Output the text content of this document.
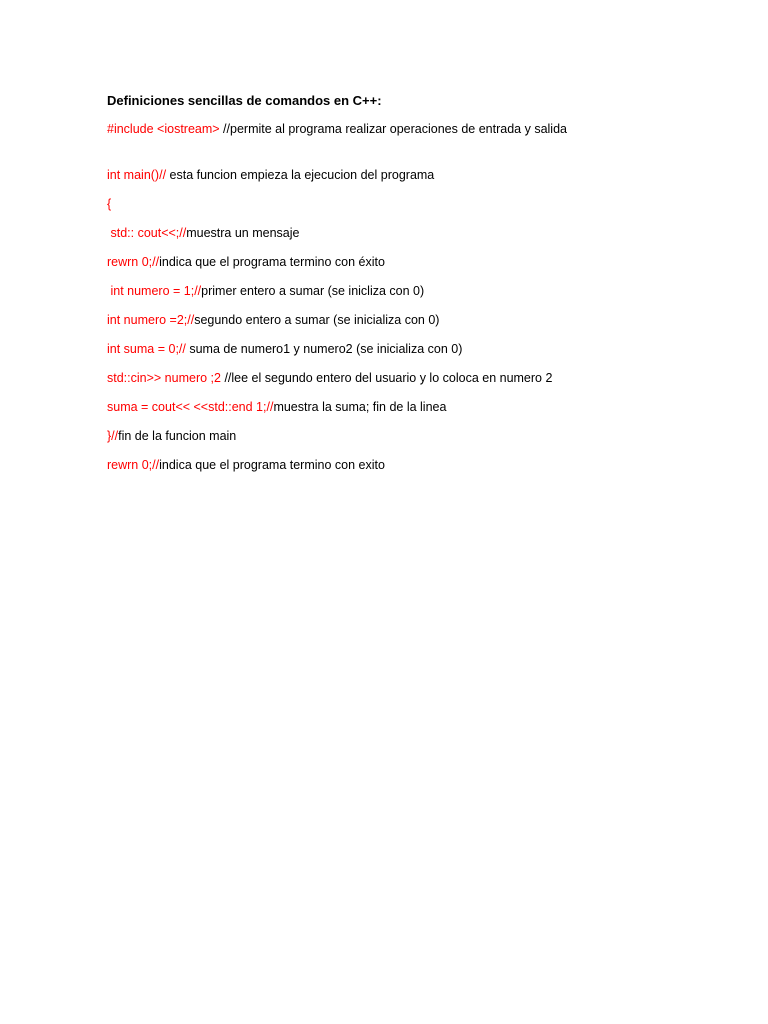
Definiciones sencillas de comandos en C++:
#include <iostream> //permite al programa realizar operaciones de entrada y salida
int main()// esta funcion empieza la ejecucion del programa
{
std:: cout<<;//muestra un mensaje
rewrn 0;//indica que el programa termino con éxito
int numero = 1;//primer entero a sumar (se inicliza con 0)
int numero =2;//segundo entero a sumar (se inicializa con 0)
int suma = 0;// suma de numero1 y numero2 (se inicializa con 0)
std::cin>> numero ;2 //lee el segundo entero del usuario y lo coloca en numero 2
suma = cout<< <<std::end 1;//muestra la suma; fin de la linea
}//fin de la funcion main
rewrn 0;//indica que el programa termino con exito
